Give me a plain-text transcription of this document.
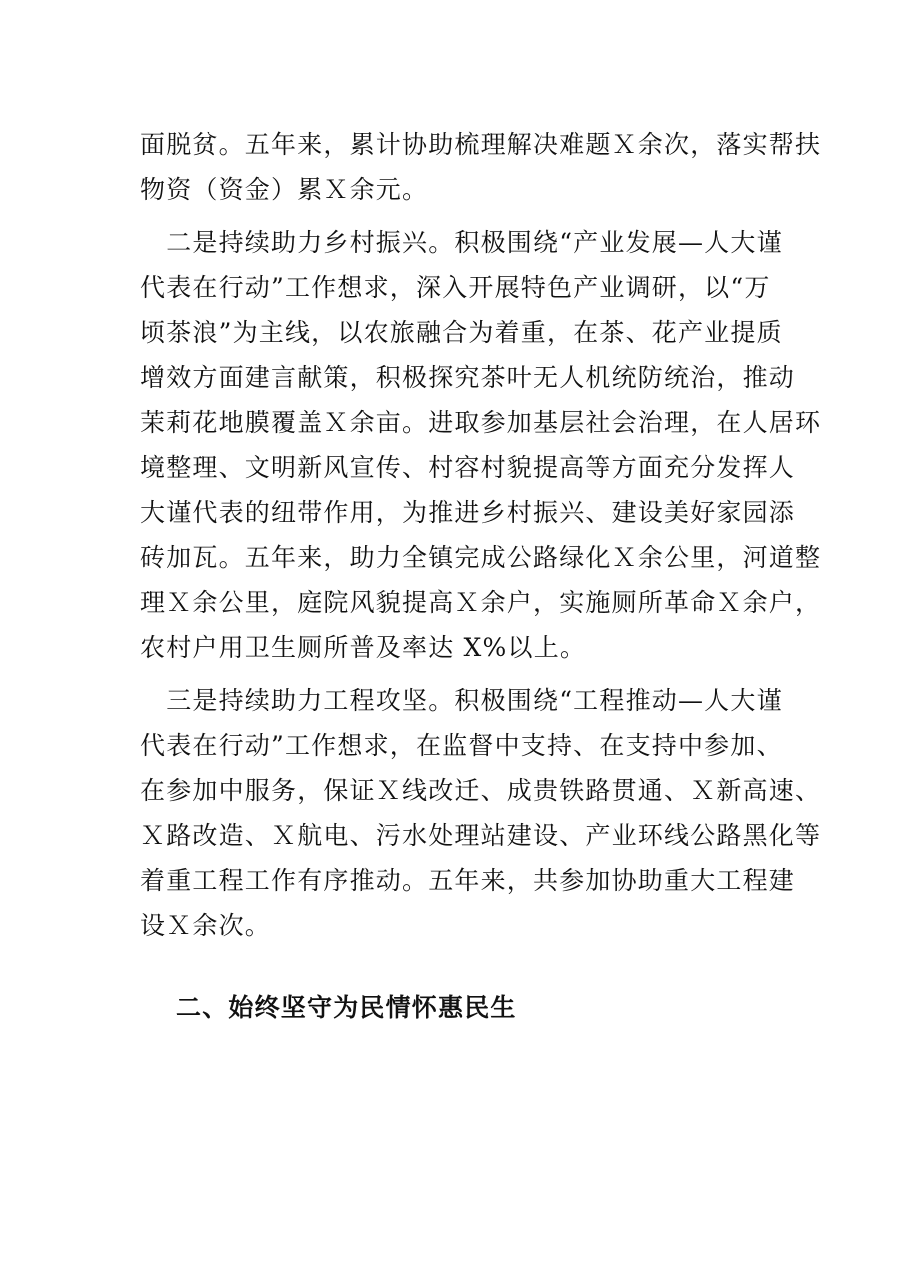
面脱贫。五年来，累计协助梳理解决难题Ｘ余次，落实帮扶
物资（资金）累Ｘ余元。
　二是持续助力乡村振兴。积极围绕“产业发展—人大谨
代表在行动”工作想求，深入开展特色产业调研，以“万
顷茶浪”为主线，以农旅融合为着重，在茶、花产业提质
增效方面建言献策，积极探究茶叶无人机统防统治，推动
茉莉花地膜覆盖Ｘ余亩。进取参加基层社会治理，在人居环
境整理、文明新风宣传、村容村貌提高等方面充分发挥人
大谨代表的纽带作用，为推进乡村振兴、建设美好家园添
砖加瓦。五年来，助力全镇完成公路绿化Ｘ余公里，河道整
理Ｘ余公里，庭院风貌提高Ｘ余户，实施厕所革命Ｘ余户，
农村户用卫生厕所普及率达 X%以上。
　三是持续助力工程攻坚。积极围绕“工程推动—人大谨
代表在行动”工作想求，在监督中支持、在支持中参加、
在参加中服务，保证Ｘ线改迁、成贵铁路贯通、Ｘ新高速、
Ｘ路改造、Ｘ航电、污水处理站建设、产业环线公路黑化等
着重工程工作有序推动。五年来，共参加协助重大工程建
设Ｘ余次。
二、始终坚守为民情怀惠民生
